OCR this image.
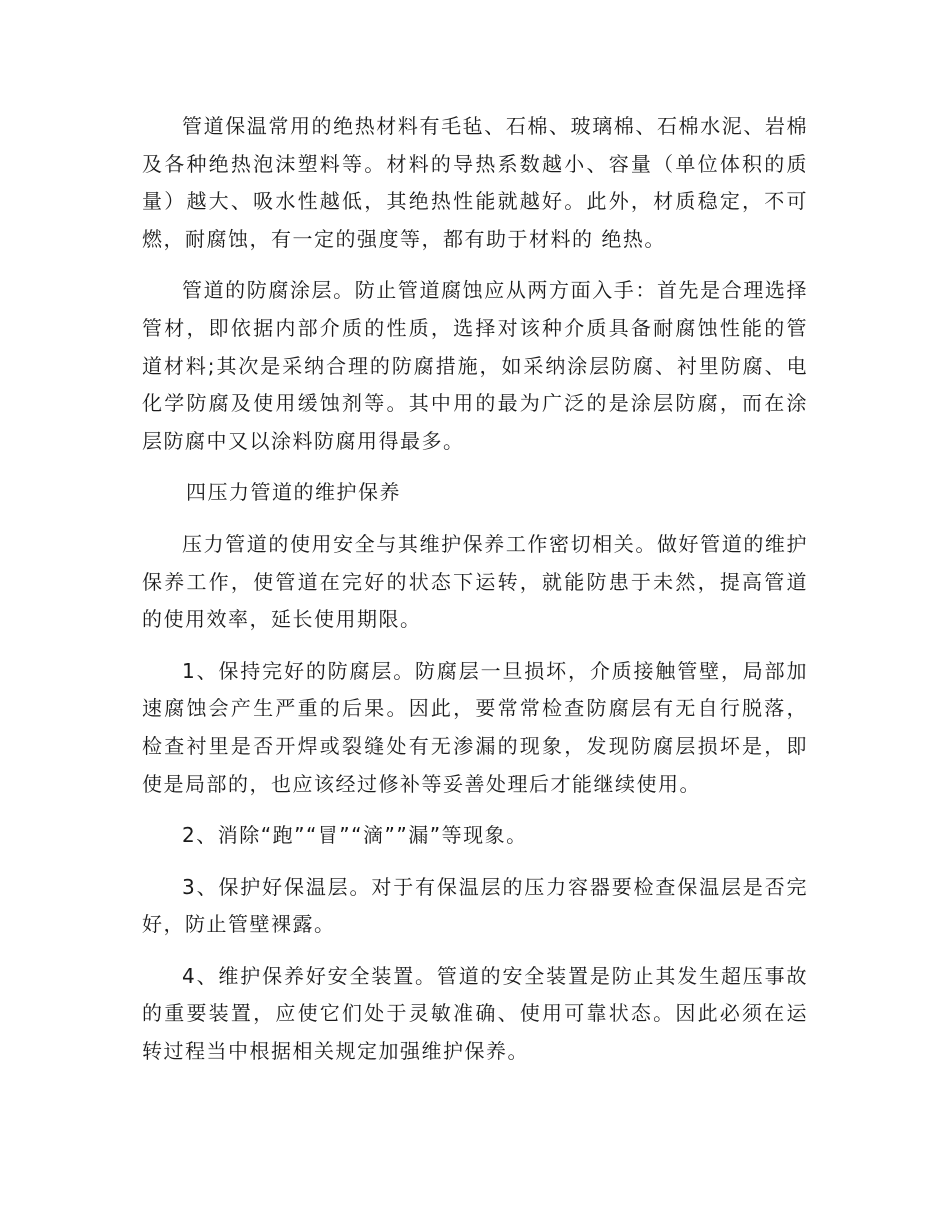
管道保温常用的绝热材料有毛毡、石棉、玻璃棉、石棉水泥、岩棉及各种绝热泡沫塑料等。材料的导热系数越小、容量（单位体积的质量）越大、吸水性越低，其绝热性能就越好。此外，材质稳定，不可燃，耐腐蚀，有一定的强度等，都有助于材料的 绝热。

管道的防腐涂层。防止管道腐蚀应从两方面入手：首先是合理选择管材，即依据内部介质的性质，选择对该种介质具备耐腐蚀性能的管道材料;其次是采纳合理的防腐措施，如采纳涂层防腐、衬里防腐、电化学防腐及使用缓蚀剂等。其中用的最为广泛的是涂层防腐，而在涂层防腐中又以涂料防腐用得最多。

四压力管道的维护保养

压力管道的使用安全与其维护保养工作密切相关。做好管道的维护保养工作，使管道在完好的状态下运转，就能防患于未然，提高管道的使用效率，延长使用期限。

1、保持完好的防腐层。防腐层一旦损坏，介质接触管壁，局部加速腐蚀会产生严重的后果。因此，要常常检查防腐层有无自行脱落，检查衬里是否开焊或裂缝处有无渗漏的现象，发现防腐层损坏是，即使是局部的，也应该经过修补等妥善处理后才能继续使用。

2、消除“跑”“冒”“滴””漏”等现象。

3、保护好保温层。对于有保温层的压力容器要检查保温层是否完好，防止管壁裸露。

4、维护保养好安全装置。管道的安全装置是防止其发生超压事故的重要装置，应使它们处于灵敏准确、使用可靠状态。因此必须在运转过程当中根据相关规定加强维护保养。
